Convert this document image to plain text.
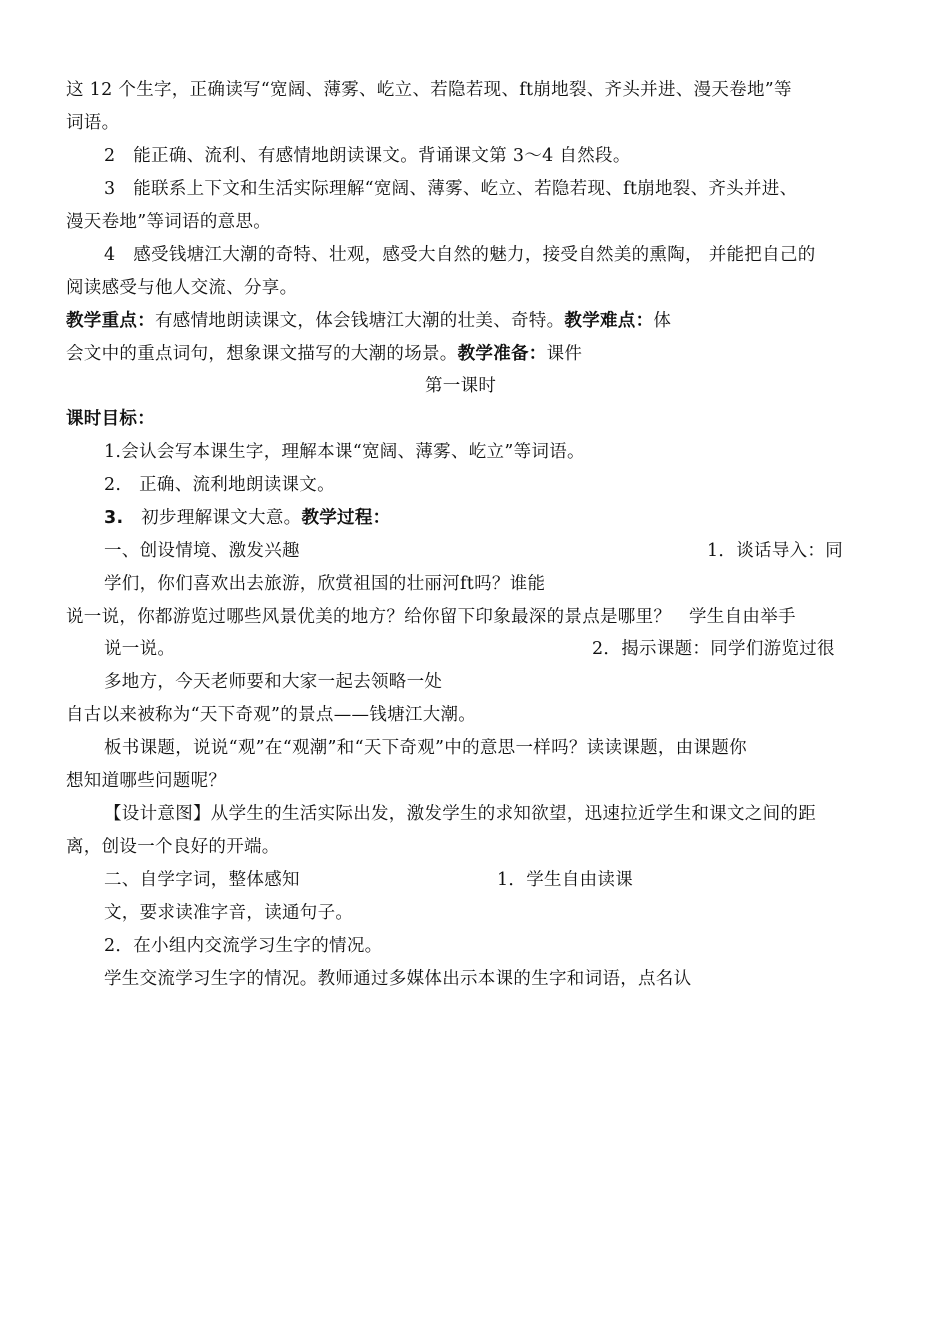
这 12 个生字，正确读写“宽阔、薄雾、屹立、若隐若现、ft崩地裂、齐头并进、漫天卷地”等
词语。
2　能正确、流利、有感情地朗读课文。背诵课文第 3～4 自然段。
3　能联系上下文和生活实际理解“宽阔、薄雾、屹立、若隐若现、ft崩地裂、齐头并进、
漫天卷地”等词语的意思。
4　感受钱塘江大潮的奇特、壮观，感受大自然的魅力，接受自然美的熏陶， 并能把自己的
阅读感受与他人交流、分享。
教学重点：有感情地朗读课文，体会钱塘江大潮的壮美、奇特。教学难点：体
会文中的重点词句，想象课文描写的大潮的场景。教学准备：课件
第一课时
课时目标：
1.会认会写本课生字，理解本课“宽阔、薄雾、屹立”等词语。
2.　正确、流利地朗读课文。
3.　初步理解课文大意。教学过程：
一、创设情境、激发兴趣	1．谈话导入：同
学们，你们喜欢出去旅游，欣赏祖国的壮丽河ft吗？谁能
说一说，你都游览过哪些风景优美的地方？给你留下印象最深的景点是哪里？　学生自由举手
说一说。	2．揭示课题：同学们游览过很
多地方，今天老师要和大家一起去领略一处
自古以来被称为“天下奇观”的景点——钱塘江大潮。
板书课题，说说“观”在“观潮”和“天下奇观”中的意思一样吗？读读课题，由课题你
想知道哪些问题呢？
【设计意图】从学生的生活实际出发，激发学生的求知欲望，迅速拉近学生和课文之间的距
离，创设一个良好的开端。
二、自学字词，整体感知	1．学生自由读课
文，要求读准字音，读通句子。
2．在小组内交流学习生字的情况。
学生交流学习生字的情况。教师通过多媒体出示本课的生字和词语，点名认
